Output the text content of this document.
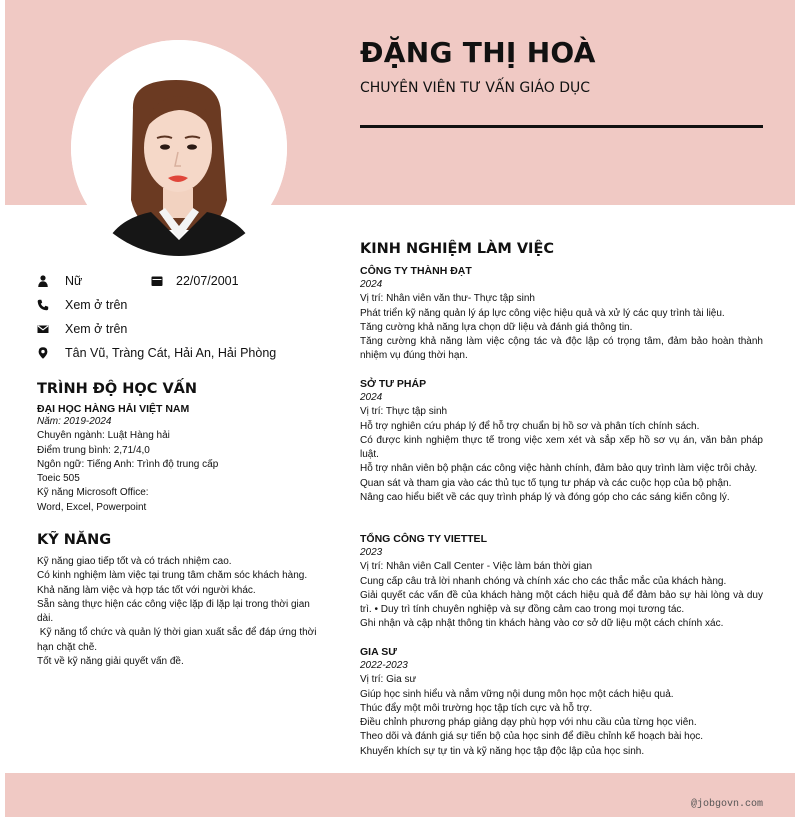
ĐẶNG THỊ HOÀ
CHUYÊN VIÊN TƯ VẤN GIÁO DỤC
Nữ	22/07/2001
Xem ở trên
Xem ở trên
Tân Vũ, Tràng Cát, Hải An, Hải Phòng
TRÌNH ĐỘ HỌC VẤN
ĐẠI HỌC HÀNG HẢI VIỆT NAM
Năm: 2019-2024
Chuyên ngành: Luật Hàng hải
Điểm trung bình: 2,71/4,0
Ngôn ngữ: Tiếng Anh: Trình độ trung cấp
Toeic 505
Kỹ năng Microsoft Office:
Word, Excel, Powerpoint
KỸ NĂNG
Kỹ năng giao tiếp tốt và có trách nhiệm cao.
Có kinh nghiệm làm việc tại trung tâm chăm sóc khách hàng.
Khả năng làm việc và hợp tác tốt với người khác.
Sẵn sàng thực hiện các công việc lặp đi lặp lại trong thời gian dài.
Kỹ năng tổ chức và quản lý thời gian xuất sắc để đáp ứng thời hạn chặt chẽ.
Tốt về kỹ năng giải quyết vấn đề.
KINH NGHIỆM LÀM VIỆC
CÔNG TY THÀNH ĐẠT
2024
Vị trí: Nhân viên văn thư- Thực tập sinh
Phát triển kỹ năng quản lý áp lực công việc hiệu quả và xử lý các quy trình tài liệu.
Tăng cường khả năng lựa chọn dữ liệu và đánh giá thông tin.
Tăng cường khả năng làm việc cộng tác và độc lập có trọng tâm, đảm bảo hoàn thành nhiệm vụ đúng thời hạn.
SỞ TƯ PHÁP
2024
Vị trí: Thực tập sinh
Hỗ trợ nghiên cứu pháp lý để hỗ trợ chuẩn bị hồ sơ và phân tích chính sách.
Có được kinh nghiệm thực tế trong việc xem xét và sắp xếp hồ sơ vụ án, văn bản pháp luật.
Hỗ trợ nhân viên bộ phận các công việc hành chính, đảm bảo quy trình làm việc trôi chảy.
Quan sát và tham gia vào các thủ tục tố tụng tư pháp và các cuộc họp của bộ phận.
Nâng cao hiểu biết về các quy trình pháp lý và đóng góp cho các sáng kiến công lý.
TỔNG CÔNG TY VIETTEL
2023
Vị trí: Nhân viên Call Center - Việc làm bán thời gian
Cung cấp câu trả lời nhanh chóng và chính xác cho các thắc mắc của khách hàng.
Giải quyết các vấn đề của khách hàng một cách hiệu quả để đảm bảo sự hài lòng và duy trì. • Duy trì tính chuyên nghiệp và sự đồng cảm cao trong mọi tương tác.
Ghi nhận và cập nhật thông tin khách hàng vào cơ sở dữ liệu một cách chính xác.
GIA SƯ
2022-2023
Vị trí: Gia sư
Giúp học sinh hiểu và nắm vững nội dung môn học một cách hiệu quả.
Thúc đẩy một môi trường học tập tích cực và hỗ trợ.
Điều chỉnh phương pháp giảng dạy phù hợp với nhu cầu của từng học viên.
Theo dõi và đánh giá sự tiến bộ của học sinh để điều chỉnh kế hoạch bài học.
Khuyến khích sự tự tin và kỹ năng học tập độc lập của học sinh.
@jobgovn.com
